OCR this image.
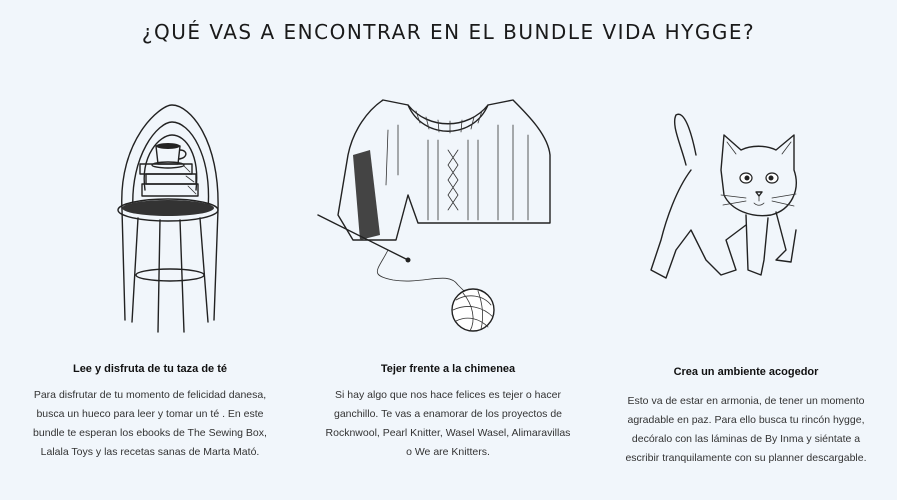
¿QUÉ VAS A ENCONTRAR EN EL BUNDLE VIDA HYGGE?
Lee y disfruta de tu taza de té
Para disfrutar de tu momento de felicidad danesa, busca un hueco para leer y tomar un té . En este bundle te esperan los ebooks de The Sewing Box, Lalala Toys y las recetas sanas de Marta Mató.
Tejer frente a la chimenea
Si hay algo que nos hace felices es tejer o hacer ganchillo. Te vas a enamorar de los proyectos de Rocknwool, Pearl Knitter, Wasel Wasel, Alimaravillas o We are Knitters.
Crea un ambiente acogedor
Esto va de estar en armonia, de tener un momento agradable en paz. Para ello busca tu rincón hygge, decóralo con las láminas de By Inma y siéntate a escribir tranquilamente con su planner descargable.
